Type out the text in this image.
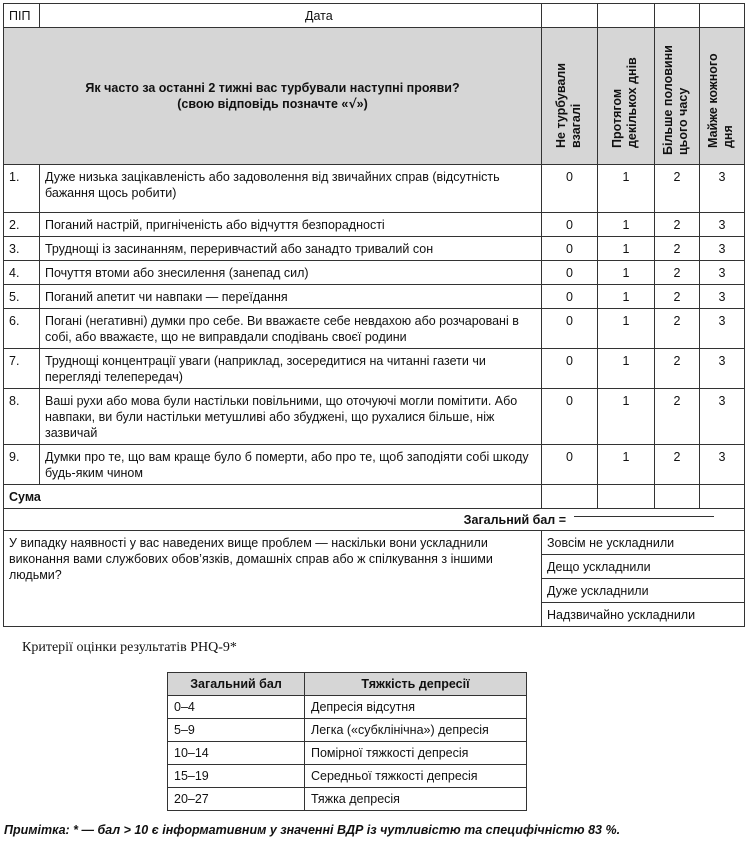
ПІП	Дата				

Як часто за останні 2 тижні вас турбували наступні прояви?
(свою відповідь позначте «√»)		Не турбували взагалі	Протягом декількох днів	Більше половини цього часу	Майже кожного дня
1.	Дуже низька зацікавленість або задоволення від звичайних справ (відсутність бажання щось робити)	0	1	2	3
2.	Поганий настрій, пригніченість або відчуття безпорадності	0	1	2	3
3.	Труднощі із засинанням, переривчастий або занадто тривалий сон	0	1	2	3
4.	Почуття втоми або знесилення (занепад сил)	0	1	2	3
5.	Поганий апетит чи навпаки — переїдання	0	1	2	3
6.	Погані (негативні) думки про себе. Ви вважаєте себе невдахою або розчаровані в собі, або вважаєте, що не виправдали сподівань своєї родини	0	1	2	3
7.	Труднощі концентрації уваги (наприклад, зосередитися на читанні газети чи перегляді телепередач)	0	1	2	3
8.	Ваші рухи або мова були настільки повільними, що оточуючі могли помітити. Або навпаки, ви були настільки метушливі або збуджені, що рухалися більше, ніж зазвичай	0	1	2	3
9.	Думки про те, що вам краще було б померти, або про те, щоб заподіяти собі шкоду будь-яким чином	0	1	2	3
Сума					
Загальний бал =					
У випадку наявності у вас наведених вище проблем — наскільки вони ускладнили виконання вами службових обов’язків, домашніх справ або ж спілкування з іншими людьми?		Зовсім не ускладнили			
		Дещо ускладнили			
		Дуже ускладнили			
		Надзвичайно ускладнили			
Критерії оцінки результатів PHQ-9*
Загальний бал	Тяжкість депресії
0–4	Депресія відсутня
5–9	Легка («субклінічна») депресія
10–14	Помірної тяжкості депресія
15–19	Середньої тяжкості депресія
20–27	Тяжка депресія
Примітка: * — бал > 10 є інформативним у значенні ВДР із чутливістю та специфічністю 83 %.
